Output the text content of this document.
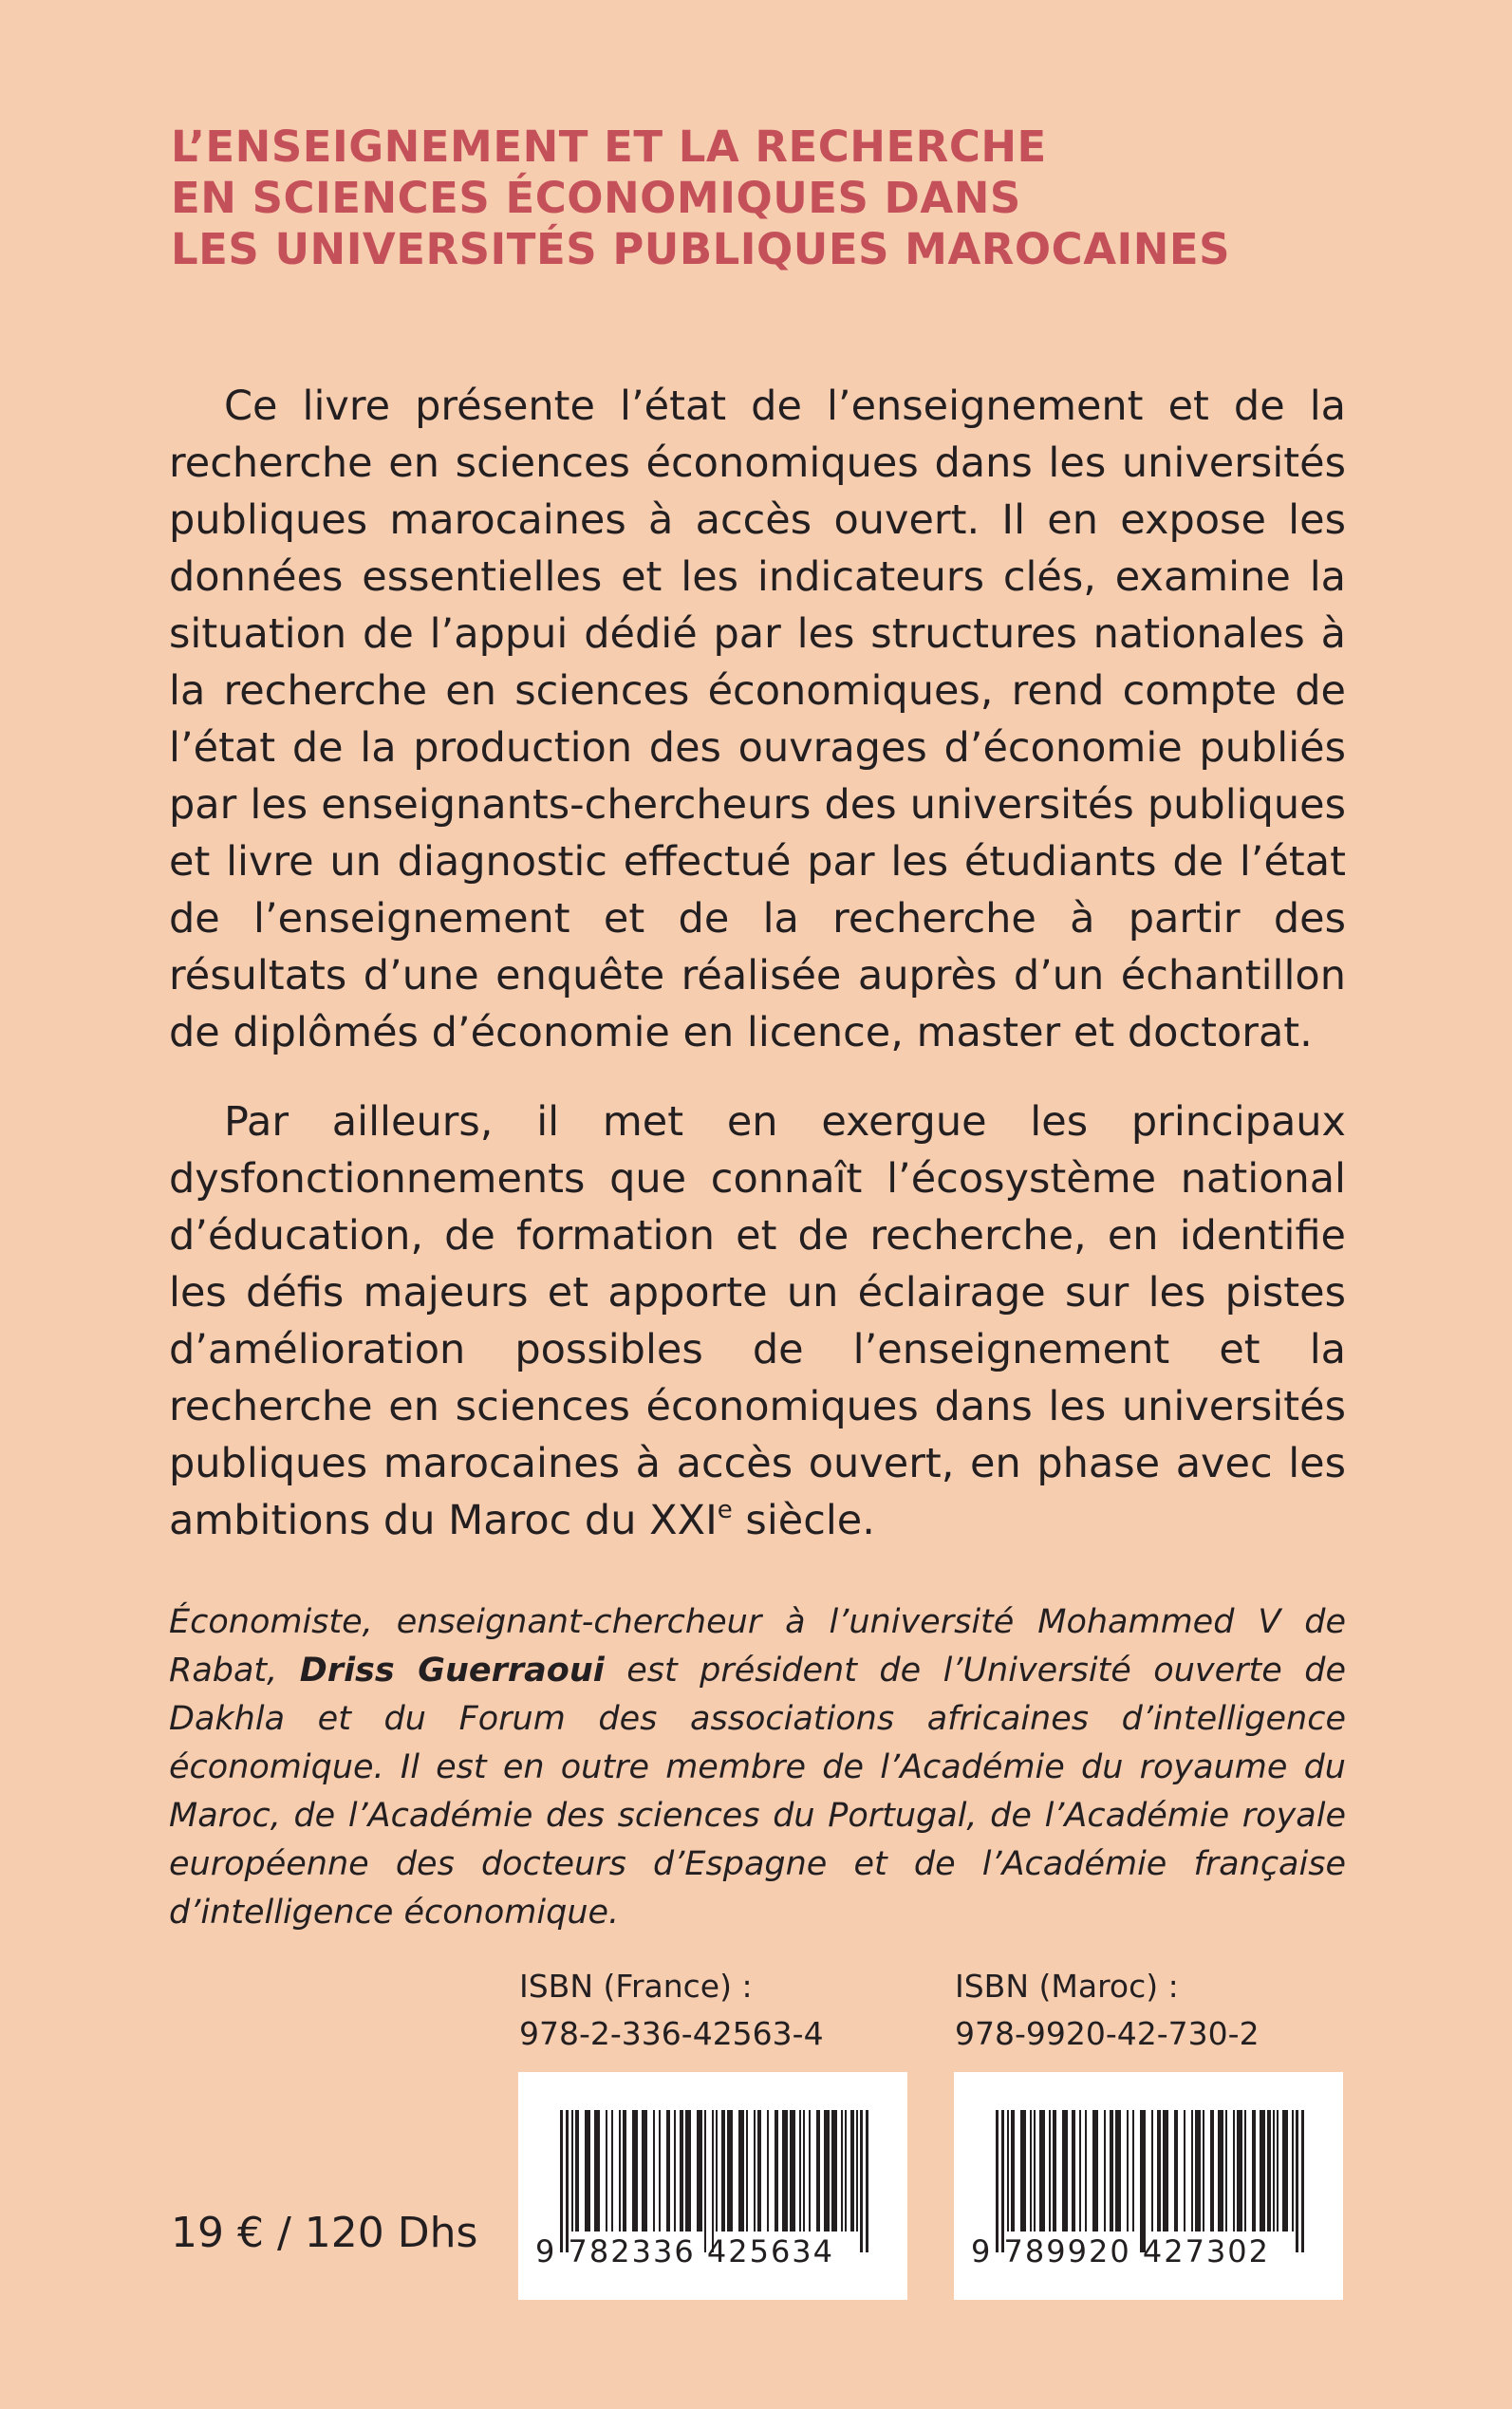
L’ENSEIGNEMENT ET LA RECHERCHE
EN SCIENCES ÉCONOMIQUES DANS
LES UNIVERSITÉS PUBLIQUES MAROCAINES

Ce livre présente l’état de l’enseignement et de la recherche en sciences économiques dans les universités publiques marocaines à accès ouvert. Il en expose les données essentielles et les indicateurs clés, examine la situation de l’appui dédié par les structures nationales à la recherche en sciences économiques, rend compte de l’état de la production des ouvrages d’économie publiés par les enseignants-chercheurs des universités publiques et livre un diagnostic effectué par les étudiants de l’état de l’enseignement et de la recherche à partir des résultats d’une enquête réalisée auprès d’un échantillon de diplômés d’économie en licence, master et doctorat.

Par ailleurs, il met en exergue les principaux dysfonctionnements que connaît l’écosystème national d’éducation, de formation et de recherche, en identifie les défis majeurs et apporte un éclairage sur les pistes d’amélioration possibles de l’enseignement et la recherche en sciences économiques dans les universités publiques marocaines à accès ouvert, en phase avec les ambitions du Maroc du XXIe siècle.

Économiste, enseignant-chercheur à l’université Mohammed V de Rabat, Driss Guerraoui est président de l’Université ouverte de Dakhla et du Forum des associations africaines d’intelligence économique. Il est en outre membre de l’Académie du royaume du Maroc, de l’Académie des sciences du Portugal, de l’Académie royale européenne des docteurs d’Espagne et de l’Académie française d’intelligence économique.

ISBN (France) :
978-2-336-42563-4
ISBN (Maroc) :
978-9920-42-730-2
9 782336 425634	9 789920 427302
19 € / 120 Dhs
